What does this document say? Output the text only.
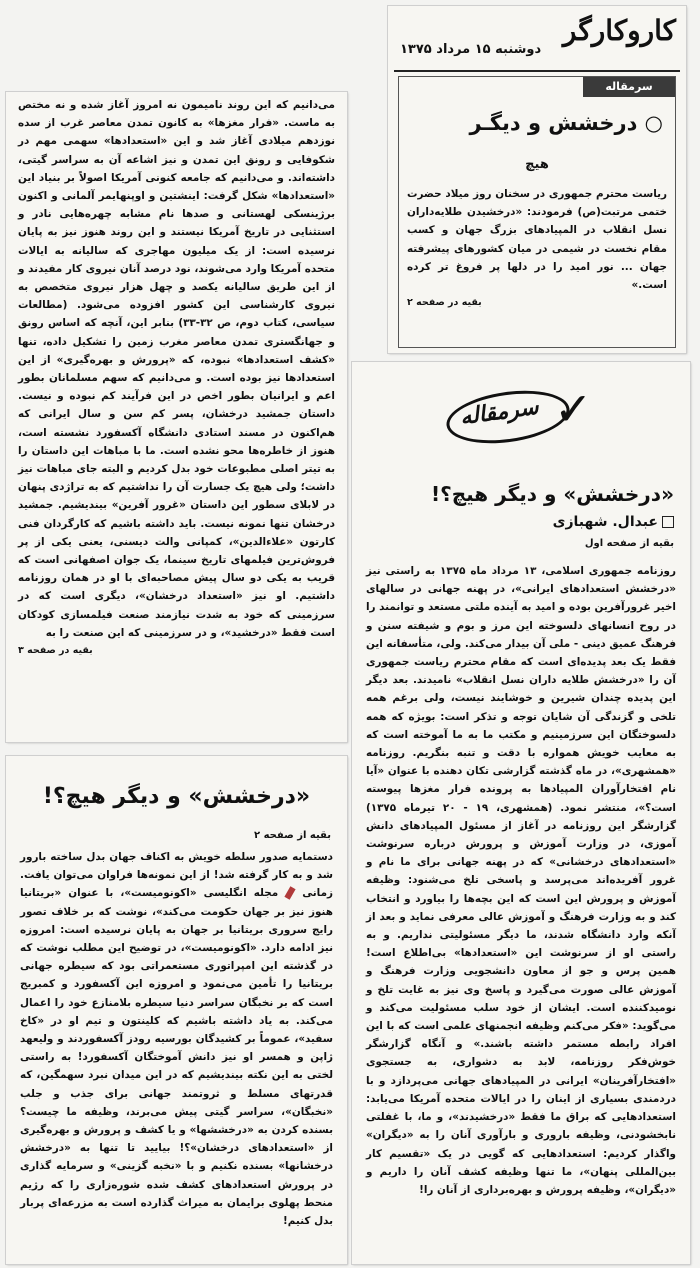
کاروکارگر
دوشنبه ۱۵ مرداد ۱۳۷۵
سرمقاله
○ درخشش و دیگـر
هیچ

ریاست محترم جمهوری در سخنان روز میلاد حضرت ختمی مرتبت(ص) فرمودند: «درخشیدن طلایه‌داران نسل انقلاب در المپیادهای بزرگ جهان و کسب مقام نخست در شیمی در میان کشورهای پیشرفته جهان ... نور امید را در دلها پر فروغ تر کرده است.»

بقیه در صفحه ۲
سرمقاله ✓
«درخشش» و دیگر هیچ؟!
عبدال. شهبازی
بقیه از صفحه اول

روزنامه جمهوری اسلامی، ۱۳ مرداد ماه ۱۳۷۵ به راستی نیز «درخشش استعدادهای ایرانی»، در پهنه جهانی در سالهای اخیر غرورآفرین بوده و امید به آینده ملتی مستعد و توانمند را در روح انسانهای دلسوخته این مرز و بوم و شیفته سنن و فرهنگ عمیق دینی - ملی آن بیدار می‌کند. ولی، متأسفانه این فقط یک بعد پدیده‌ای است که مقام محترم ریاست جمهوری آن را «درخشش طلایه داران نسل انقلاب» نامیدند. بعد دیگر این پدیده چندان شیرین و خوشایند نیست، ولی برغم همه تلخی و گزندگی آن شایان توجه و تذکر است: بویژه که همه دلسوختگان این سرزمینیم و مکتب ما به ما آموخته است که به معایب خویش همواره با دقت و تنبه بنگریم. روزنامه «همشهری»، در ماه گذشته گزارشی تکان دهنده با عنوان «آیا نام افتخارآوران المپیادها به پرونده فرار مغزها پیوسته است؟»، منتشر نمود. (همشهری، ۱۹ - ۲۰ تیرماه ۱۳۷۵) گزارشگر این روزنامه در آغاز از مسئول المپیادهای دانش آموزی، در وزارت آموزش و پرورش درباره سرنوشت «استعدادهای درخشانی» که در پهنه جهانی برای ما نام و غرور آفریده‌اند می‌پرسد و پاسخی تلخ می‌شنود: وظیفه آموزش و پرورش این است که این بچه‌ها را بیاورد و انتخاب کند و به وزارت فرهنگ و آموزش عالی معرفی نماید و بعد از آنکه وارد دانشگاه شدند، ما دیگر مسئولیتی نداریم. و به راستی او از سرنوشت این «استعدادها» بی‌اطلاع است! همین پرس و جو از معاون دانشجویی وزارت فرهنگ و آموزش عالی صورت می‌گیرد و پاسخ وی نیز به غایت تلخ و نومیدکننده است. ایشان از خود سلب مسئولیت می‌کند و می‌گوید: «فکر می‌کنم وظیفه انجمنهای علمی است که با این افراد رابطه مستمر داشته باشند.» و آنگاه گزارشگر خوش‌فکر روزنامه، لابد به دشواری، به جستجوی «افتخارآفرینان» ایرانی در المپیادهای جهانی می‌پردازد و با دردمندی بسیاری از اینان را در ایالات متحده آمریکا می‌یابد: استعدادهایی که براق ما فقط «درخشیدند»، و ما، با غفلتی نابخشودنی، وظیفه باروری و بارآوری آنان را به «دیگران» واگذار کردیم: استعدادهایی که گویی در یک «تقسیم کار بین‌المللی پنهان»، ما تنها وظیفه کشف آنان را داریم و «دیگران»، وظیفه پرورش و بهره‌برداری از آنان را!

می‌دانیم که این روند نامیمون نه امروز آغاز شده و نه مختص به ماست. «فرار مغزها» به کانون تمدن معاصر غرب از سده نوزدهم میلادی آغاز شد و این «استعدادها» سهمی مهم در شکوفایی و رونق این تمدن و نیز اشاعه آن به سراسر گیتی، داشته‌اند. و می‌دانیم که جامعه کنونی آمریکا اصولاً بر بنیاد این «استعدادها» شکل گرفت: اینشتین و اوپنهایمر آلمانی و اکنون برژینسکی لهستانی و صدها نام مشابه چهره‌هایی نادر و استثنایی در تاریخ آمریکا نیستند و این روند هنوز نیز به پایان نرسیده است: از یک میلیون مهاجری که سالیانه به ایالات متحده آمریکا وارد می‌شوند، نود درصد آنان نیروی کار مفیدند و از این طریق سالیانه یکصد و چهل هزار نیروی متخصص به نیروی کارشناسی این کشور افزوده می‌شود. (مطالعات سیاسی، کتاب دوم، ص ۳۲-۳۳) بنابر این، آنچه که اساس رونق و جهانگستری تمدن معاصر مغرب زمین را تشکیل داده، تنها «کشف استعدادها» نبوده، که «پرورش و بهره‌گیری» از این استعدادها نیز بوده است. و می‌دانیم که سهم مسلمانان بطور اعم و ایرانیان بطور اخص در این فرآیند کم نبوده و نیست. داستان جمشید درخشان، پسر کم سن و سال ایرانی که هم‌اکنون در مسند استادی دانشگاه آکسفورد نشسته است، هنوز از خاطره‌ها محو نشده است. ما با مباهات این داستان را به تیتر اصلی مطبوعات خود بدل کردیم و البته جای مباهات نیز داشت؛ ولی هیچ یک جسارت آن را نداشتیم که به تراژدی پنهان در لابلای سطور این داستان «غرور آفرین» بیندیشیم. جمشید درخشان تنها نمونه نیست. باید داشته باشیم که کارگردان فنی کارتون «علاءالدین»، کمپانی والت دیسنی، یعنی یکی از پر فروش‌ترین فیلمهای تاریخ سینما، یک جوان اصفهانی است که قریب به یکی دو سال پیش مصاحبه‌ای با او در همان روزنامه داشتیم. او نیز «استعداد درخشان»، دیگری است که در سرزمینی که خود به شدت نیازمند صنعت فیلمسازی کودکان است فقط «درخشید»، و در سرزمینی که این صنعت را به

بقیه در صفحه ۳
«درخشش» و دیگر هیچ؟!
بقیه از صفحه ۲

دستمایه صدور سلطه خویش به اکناف جهان بدل ساخته بارور شد و به کار گرفته شد! از این نمونه‌ها فراوان می‌توان یافت. زمانی  مجله انگلیسی «اکونومیست»، با عنوان «بریتانیا هنوز نیز بر جهان حکومت می‌کند»، نوشت که بر خلاف تصور رایج سروری بریتانیا بر جهان به پایان نرسیده است: امروزه نیز ادامه دارد. «اکونومیست»، در توضیح این مطلب نوشت که در گذشته این امپراتوری مستعمراتی بود که سیطره جهانی بریتانیا را تأمین می‌نمود و امروزه این آکسفورد و کمبریج است که بر نخبگان سراسر دنیا سیطره بلامنازع خود را اعمال می‌کند. به یاد داشته باشیم که کلینتون و تیم او در «کاخ سفید»، عموماً بر کشیدگان بورسیه رودز آکسفوردند و ولیعهد ژاپن و همسر او نیز دانش آموختگان آکسفورد! به راستی لختی به این نکته بیندیشیم که در این میدان نبرد سهمگین، که قدرتهای مسلط و ثروتمند جهانی برای جذب و جلب «نخبگان»، سراسر گیتی پیش می‌برند، وظیفه ما چیست؟ بسنده کردن به «درخششها» و یا کشف و پرورش و بهره‌گیری از «استعدادهای درخشان»؟! بیایید تا تنها به «درخشش درخشانها» بسنده نکنیم و با «نخبه گزینی» و سرمایه گذاری در پرورش استعدادهای کشف شده شوره‌زاری را که رژیم منحط پهلوی برایمان به میراث گذارده است به مزرعه‌ای پربار بدل کنیم!
